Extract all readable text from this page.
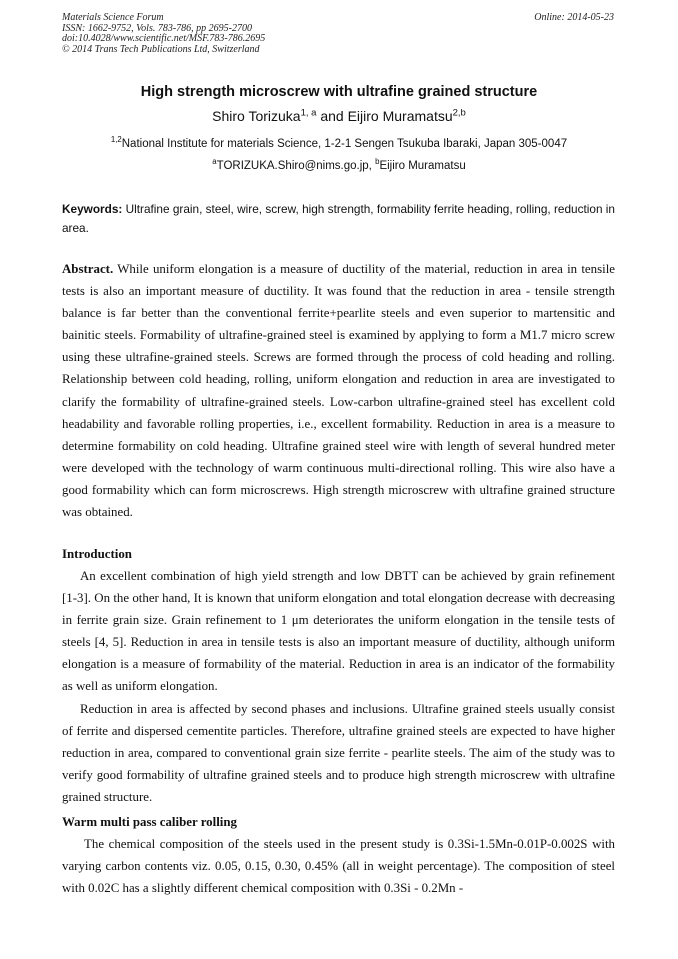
Materials Science Forum
ISSN: 1662-9752, Vols. 783-786, pp 2695-2700
doi:10.4028/www.scientific.net/MSF.783-786.2695
© 2014 Trans Tech Publications Ltd, Switzerland
Online: 2014-05-23
High strength microscrew with ultrafine grained structure
Shiro Torizuka$^{1, a}$ and Eijiro Muramatsu$^{2,b}$
$^{1,2}$National Institute for materials Science, 1-2-1 Sengen Tsukuba Ibaraki, Japan 305-0047
$^a$TORIZUKA.Shiro@nims.go.jp, $^b$Eijiro Muramatsu
Keywords: Ultrafine grain, steel, wire, screw, high strength, formability ferrite heading, rolling, reduction in area.
Abstract. While uniform elongation is a measure of ductility of the material, reduction in area in tensile tests is also an important measure of ductility. It was found that the reduction in area - tensile strength balance is far better than the conventional ferrite+pearlite steels and even superior to martensitic and bainitic steels. Formability of ultrafine-grained steel is examined by applying to form a M1.7 micro screw using these ultrafine-grained steels. Screws are formed through the process of cold heading and rolling. Relationship between cold heading, rolling, uniform elongation and reduction in area are investigated to clarify the formability of ultrafine-grained steels. Low-carbon ultrafine-grained steel has excellent cold headability and favorable rolling properties, i.e., excellent formability. Reduction in area is a measure to determine formability on cold heading. Ultrafine grained steel wire with length of several hundred meter were developed with the technology of warm continuous multi-directional rolling. This wire also have a good formability which can form microscrews. High strength microscrew with ultrafine grained structure was obtained.
Introduction

An excellent combination of high yield strength and low DBTT can be achieved by grain refinement [1-3]. On the other hand, It is known that uniform elongation and total elongation decrease with decreasing in ferrite grain size. Grain refinement to 1 μm deteriorates the uniform elongation in the tensile tests of steels [4, 5]. Reduction in area in tensile tests is also an important measure of ductility, although uniform elongation is a measure of formability of the material. Reduction in area is an indicator of the formability as well as uniform elongation.

Reduction in area is affected by second phases and inclusions. Ultrafine grained steels usually consist of ferrite and dispersed cementite particles. Therefore, ultrafine grained steels are expected to have higher reduction in area, compared to conventional grain size ferrite - pearlite steels. The aim of the study was to verify good formability of ultrafine grained steels and to produce high strength microscrew with ultrafine grained structure.

Warm multi pass caliber rolling

The chemical composition of the steels used in the present study is 0.3Si-1.5Mn-0.01P-0.002S with varying carbon contents viz. 0.05, 0.15, 0.30, 0.45% (all in weight percentage). The composition of steel with 0.02C has a slightly different chemical composition with 0.3Si - 0.2Mn -
